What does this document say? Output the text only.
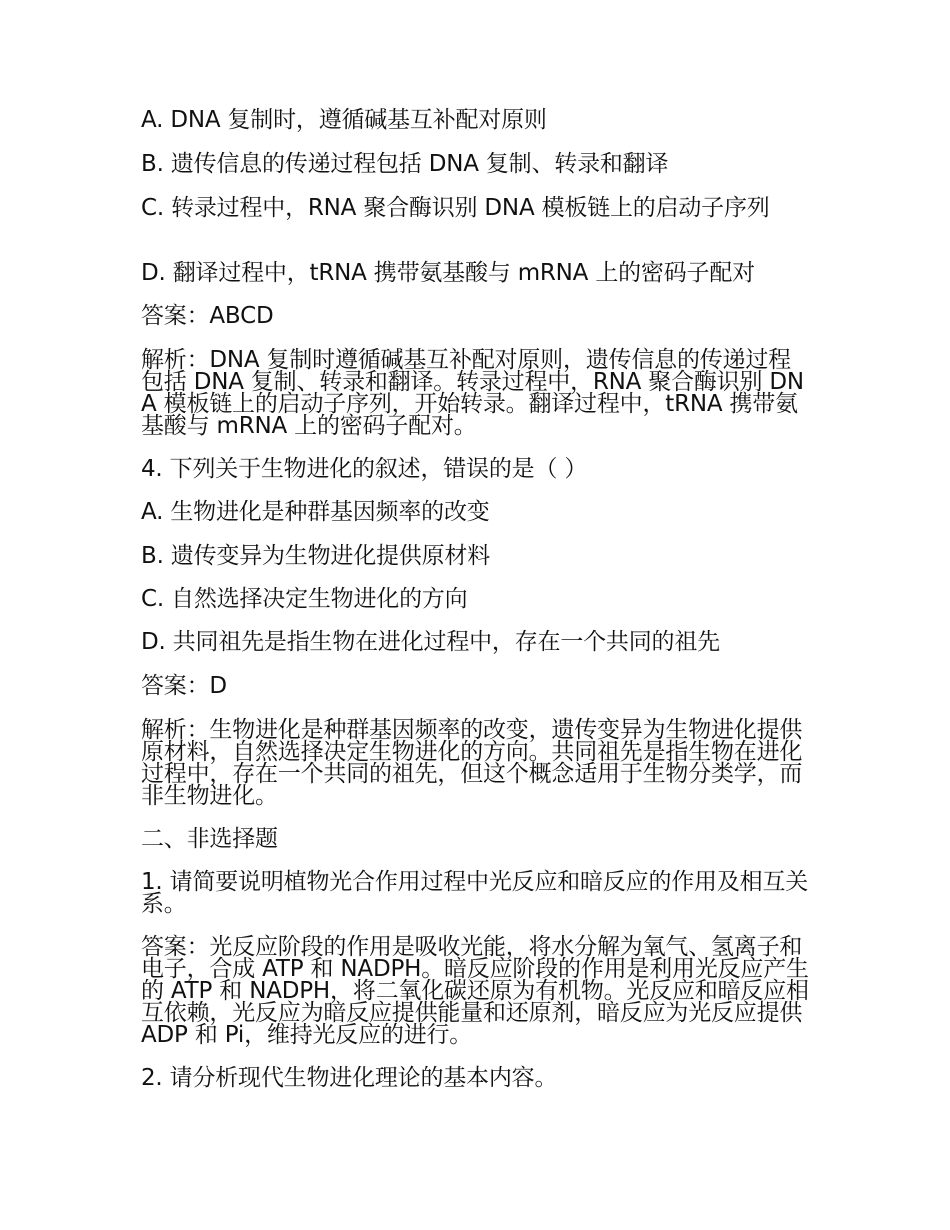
A. DNA 复制时，遵循碱基互补配对原则

B. 遗传信息的传递过程包括 DNA 复制、转录和翻译

C. 转录过程中，RNA 聚合酶识别 DNA 模板链上的启动子序列

D. 翻译过程中，tRNA 携带氨基酸与 mRNA 上的密码子配对

答案：ABCD

解析：DNA 复制时遵循碱基互补配对原则，遗传信息的传递过程包括 DNA 复制、转录和翻译。转录过程中，RNA 聚合酶识别 DNA 模板链上的启动子序列，开始转录。翻译过程中，tRNA 携带氨基酸与 mRNA 上的密码子配对。

4. 下列关于生物进化的叙述，错误的是（ ）

A. 生物进化是种群基因频率的改变

B. 遗传变异为生物进化提供原材料

C. 自然选择决定生物进化的方向

D. 共同祖先是指生物在进化过程中，存在一个共同的祖先

答案：D

解析：生物进化是种群基因频率的改变，遗传变异为生物进化提供原材料，自然选择决定生物进化的方向。共同祖先是指生物在进化过程中，存在一个共同的祖先，但这个概念适用于生物分类学，而非生物进化。

二、非选择题

1. 请简要说明植物光合作用过程中光反应和暗反应的作用及相互关系。

答案：光反应阶段的作用是吸收光能，将水分解为氧气、氢离子和电子，合成 ATP 和 NADPH。暗反应阶段的作用是利用光反应产生的 ATP 和 NADPH，将二氧化碳还原为有机物。光反应和暗反应相互依赖，光反应为暗反应提供能量和还原剂，暗反应为光反应提供 ADP 和 Pi，维持光反应的进行。

2. 请分析现代生物进化理论的基本内容。
